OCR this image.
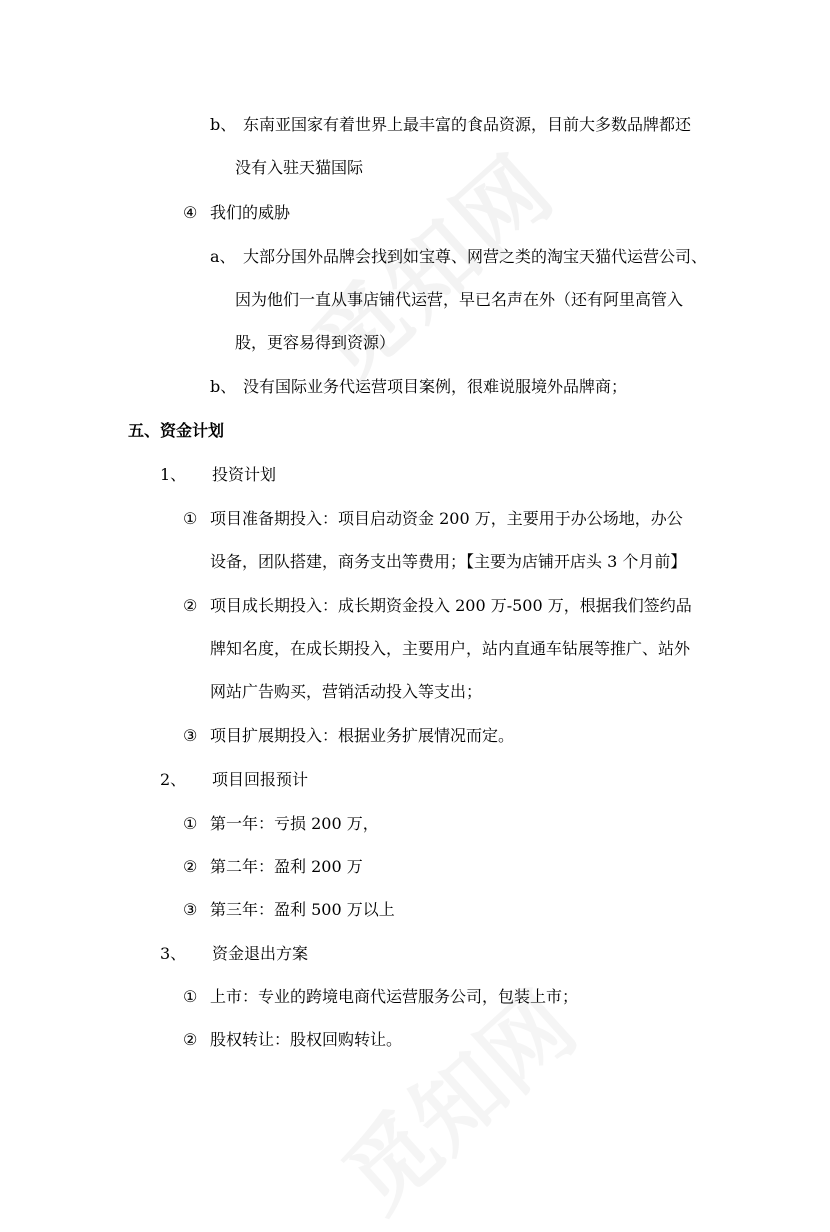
b、 东南亚国家有着世界上最丰富的食品资源，目前大多数品牌都还
没有入驻天猫国际
④ 我们的威胁
a、 大部分国外品牌会找到如宝尊、网营之类的淘宝天猫代运营公司、
因为他们一直从事店铺代运营，早已名声在外（还有阿里高管入
股，更容易得到资源）
b、 没有国际业务代运营项目案例，很难说服境外品牌商；
五、资金计划
1、 投资计划
① 项目准备期投入：项目启动资金 200 万，主要用于办公场地，办公
设备，团队搭建，商务支出等费用；【主要为店铺开店头 3 个月前】
② 项目成长期投入：成长期资金投入 200 万-500 万，根据我们签约品
牌知名度，在成长期投入，主要用户，站内直通车钻展等推广、站外
网站广告购买，营销活动投入等支出；
③ 项目扩展期投入：根据业务扩展情况而定。
2、 项目回报预计
① 第一年：亏损 200 万，
② 第二年：盈利 200 万
③ 第三年：盈利 500 万以上
3、 资金退出方案
① 上市：专业的跨境电商代运营服务公司，包装上市；
② 股权转让：股权回购转让。
